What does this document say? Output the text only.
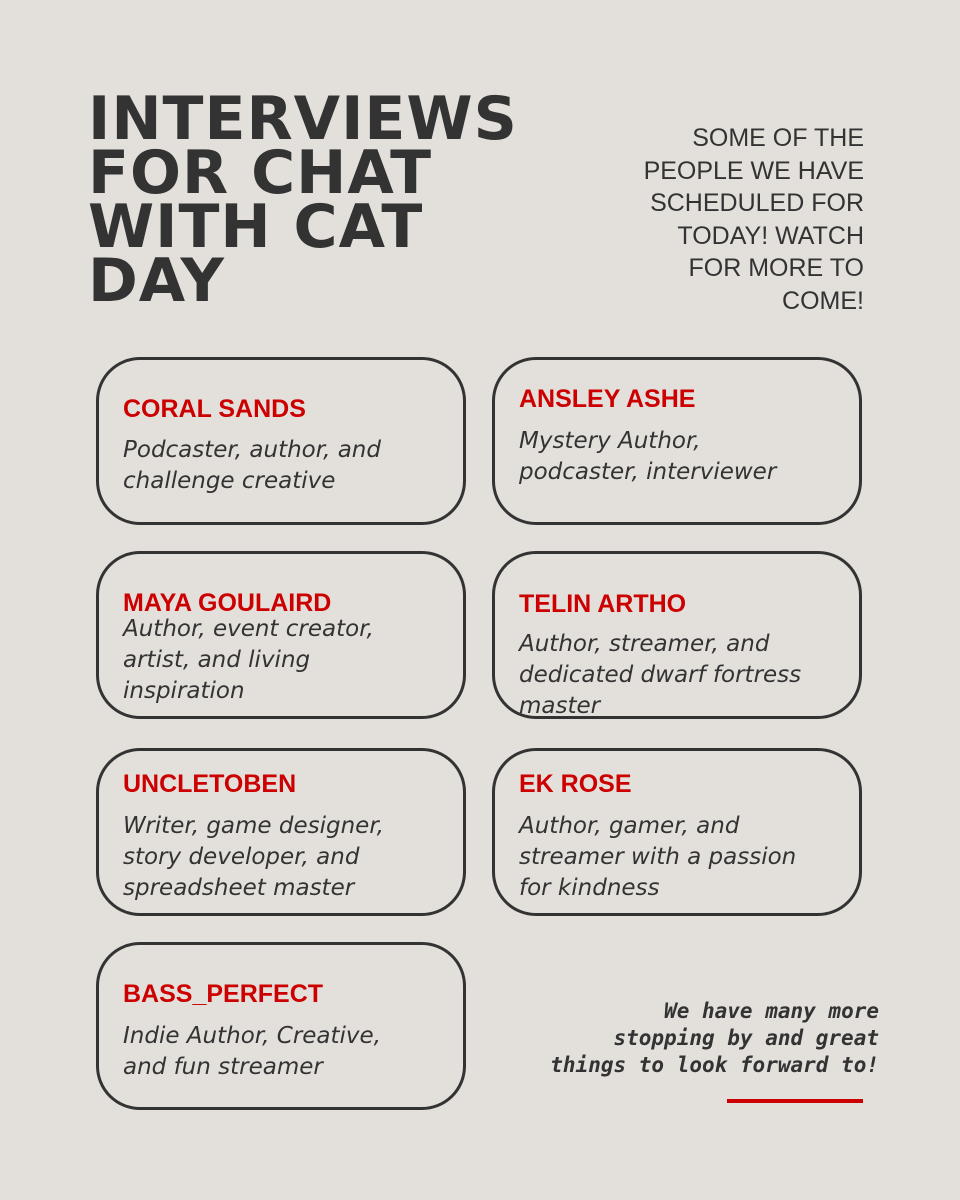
INTERVIEWS
FOR CHAT
WITH CAT
DAY
SOME OF THE
PEOPLE WE HAVE
SCHEDULED FOR
TODAY! WATCH
FOR MORE TO
COME!
CORAL SANDS
Podcaster, author, and
challenge creative
ANSLEY ASHE
Mystery Author,
podcaster, interviewer
MAYA GOULAIRD
Author, event creator,
artist, and living
inspiration
TELIN ARTHO
Author, streamer, and
dedicated dwarf fortress
master
UNCLETOBEN
Writer, game designer,
story developer, and
spreadsheet master
EK ROSE
Author, gamer, and
streamer with a passion
for kindness
BASS_PERFECT
Indie Author, Creative,
and fun streamer
We have many more
stopping by and great
things to look forward to!
